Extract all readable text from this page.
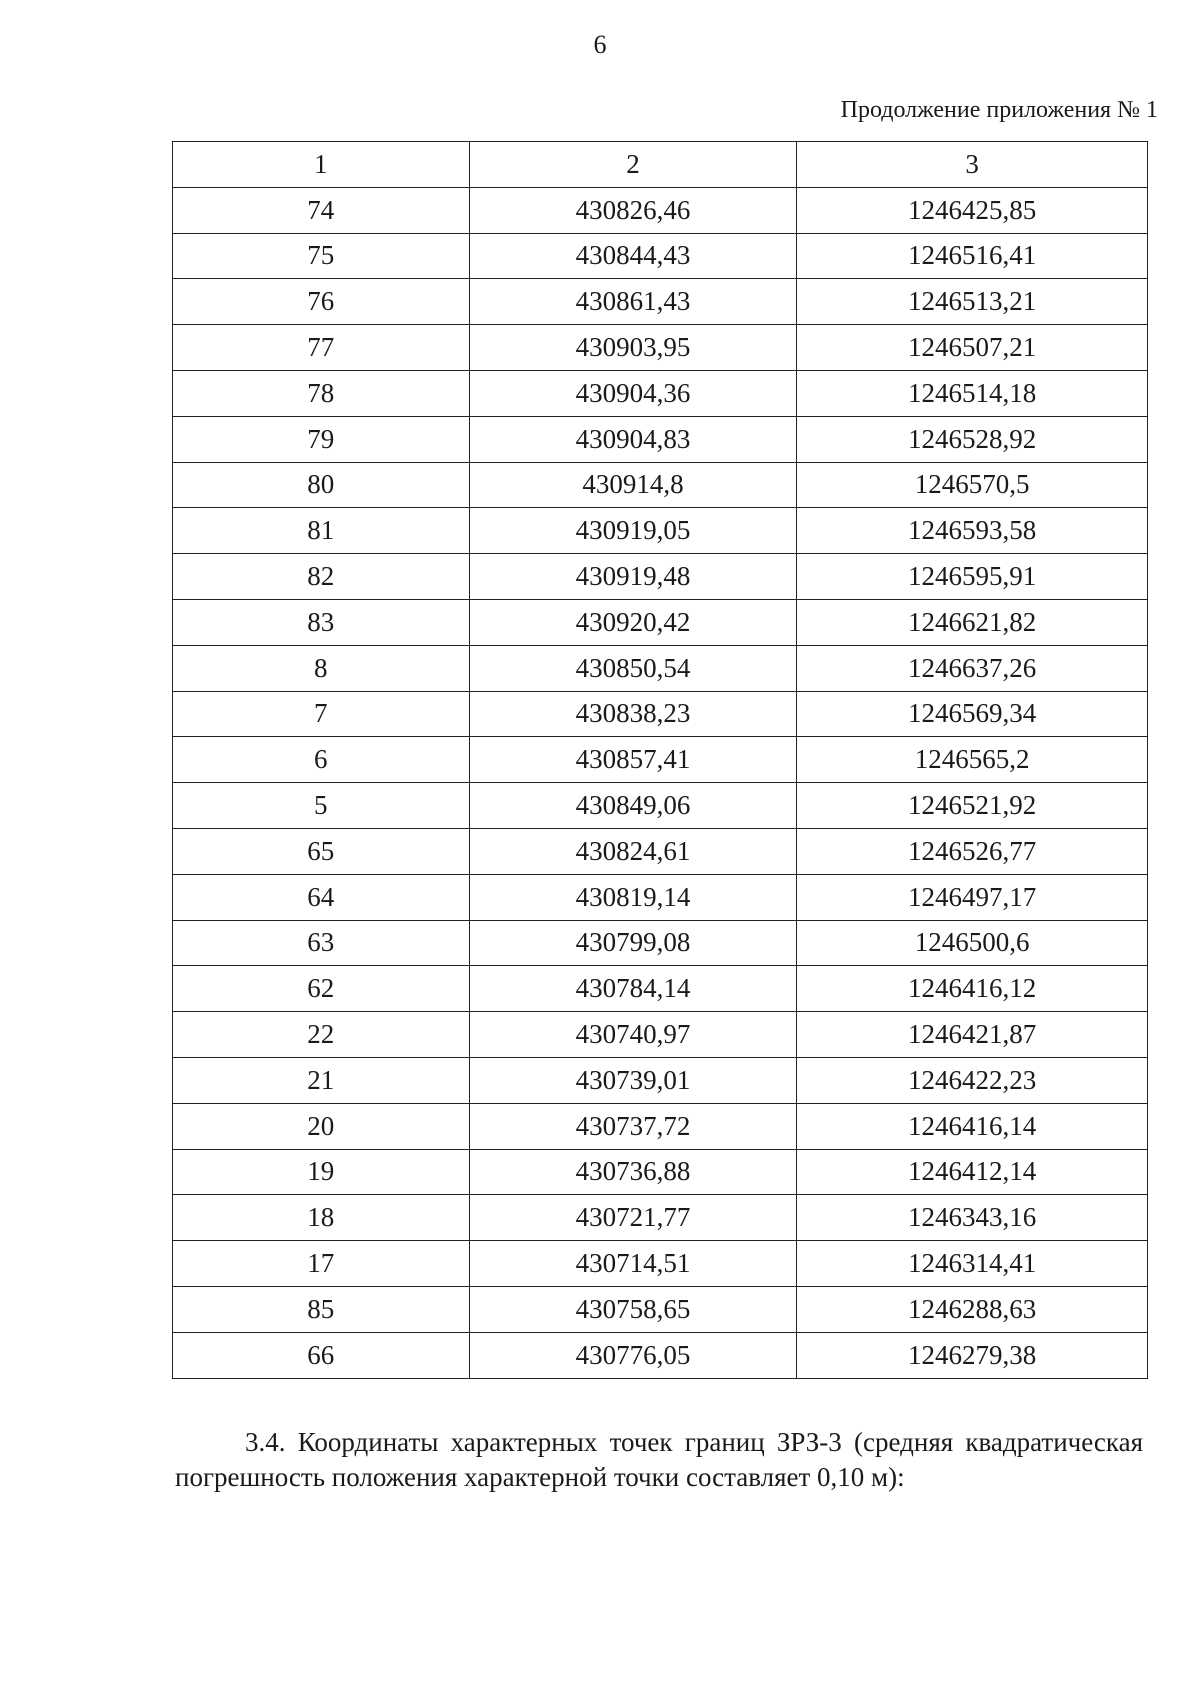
6
Продолжение приложения № 1
1	2	3
74	430826,46	1246425,85
75	430844,43	1246516,41
76	430861,43	1246513,21
77	430903,95	1246507,21
78	430904,36	1246514,18
79	430904,83	1246528,92
80	430914,8	1246570,5
81	430919,05	1246593,58
82	430919,48	1246595,91
83	430920,42	1246621,82
8	430850,54	1246637,26
7	430838,23	1246569,34
6	430857,41	1246565,2
5	430849,06	1246521,92
65	430824,61	1246526,77
64	430819,14	1246497,17
63	430799,08	1246500,6
62	430784,14	1246416,12
22	430740,97	1246421,87
21	430739,01	1246422,23
20	430737,72	1246416,14
19	430736,88	1246412,14
18	430721,77	1246343,16
17	430714,51	1246314,41
85	430758,65	1246288,63
66	430776,05	1246279,38
3.4. Координаты характерных точек границ ЗРЗ-3 (средняя квадратическая погрешность положения характерной точки составляет 0,10 м):
